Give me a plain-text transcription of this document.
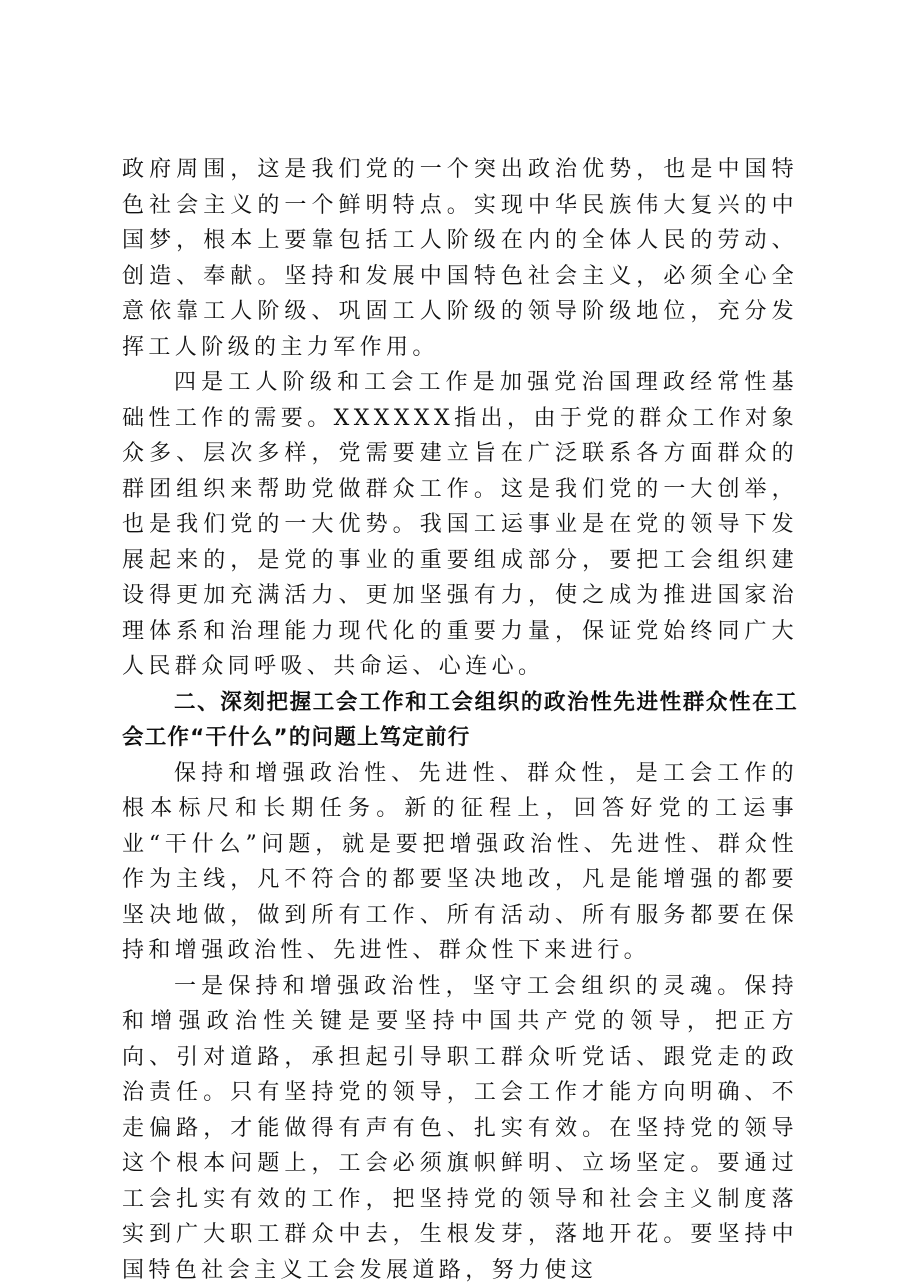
政府周围，这是我们党的一个突出政治优势，也是中国特色社会主义的一个鲜明特点。实现中华民族伟大复兴的中国梦，根本上要靠包括工人阶级在内的全体人民的劳动、创造、奉献。坚持和发展中国特色社会主义，必须全心全意依靠工人阶级、巩固工人阶级的领导阶级地位，充分发挥工人阶级的主力军作用。

四是工人阶级和工会工作是加强党治国理政经常性基础性工作的需要。XXXXXX指出，由于党的群众工作对象众多、层次多样，党需要建立旨在广泛联系各方面群众的群团组织来帮助党做群众工作。这是我们党的一大创举，也是我们党的一大优势。我国工运事业是在党的领导下发展起来的，是党的事业的重要组成部分，要把工会组织建设得更加充满活力、更加坚强有力，使之成为推进国家治理体系和治理能力现代化的重要力量，保证党始终同广大人民群众同呼吸、共命运、心连心。

二、深刻把握工会工作和工会组织的政治性先进性群众性在工会工作“干什么”的问题上笃定前行

保持和增强政治性、先进性、群众性，是工会工作的根本标尺和长期任务。新的征程上，回答好党的工运事业“干什么”问题，就是要把增强政治性、先进性、群众性作为主线，凡不符合的都要坚决地改，凡是能增强的都要坚决地做，做到所有工作、所有活动、所有服务都要在保持和增强政治性、先进性、群众性下来进行。

一是保持和增强政治性，坚守工会组织的灵魂。保持和增强政治性关键是要坚持中国共产党的领导，把正方向、引对道路，承担起引导职工群众听党话、跟党走的政治责任。只有坚持党的领导，工会工作才能方向明确、不走偏路，才能做得有声有色、扎实有效。在坚持党的领导这个根本问题上，工会必须旗帜鲜明、立场坚定。要通过工会扎实有效的工作，把坚持党的领导和社会主义制度落实到广大职工群众中去，生根发芽，落地开花。要坚持中国特色社会主义工会发展道路，努力使这
